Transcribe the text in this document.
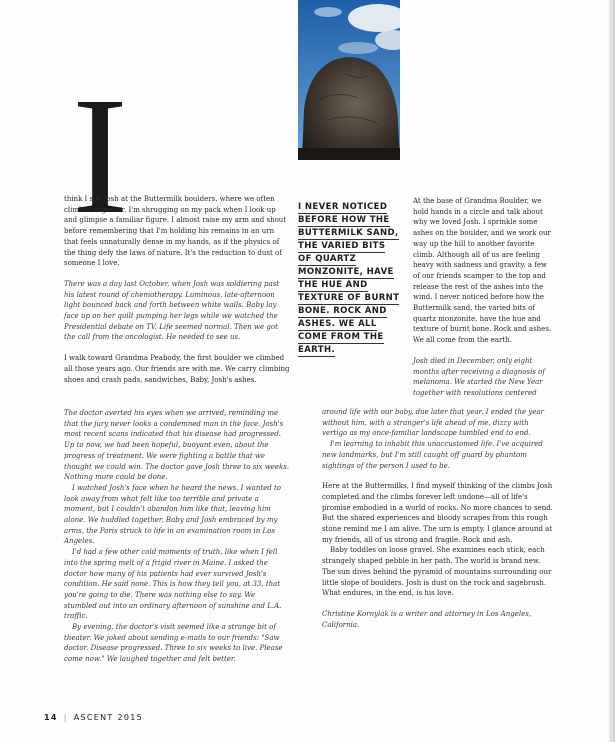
I

think I see Josh at the Buttermilk boulders, where we often climbed together. I'm shrugging on my pack when I look up and glimpse a familiar figure. I almost raise my arm and shout before remembering that I'm holding his remains in an urn that feels unnaturally dense in my hands, as if the physics of the thing defy the laws of nature. It's the reduction to dust of someone I love.

There was a day last October, when Josh was soldiering past his latest round of chemotherapy. Luminous, late-afternoon light bounced back and forth between white walls. Baby lay face up on her quilt pumping her legs while we watched the Presidential debate on TV. Life seemed normal. Then we got the call from the oncologist. He needed to see us.

I walk toward Grandma Peabody, the first boulder we climbed all those years ago. Our friends are with me. We carry climbing shoes and crash pads, sandwiches, Baby, Josh's ashes.

I NEVER NOTICED BEFORE HOW THE BUTTERMILK SAND, THE VARIED BITS OF QUARTZ MONZONITE, HAVE THE HUE AND TEXTURE OF BURNT BONE. ROCK AND ASHES. WE ALL COME FROM THE EARTH.

At the base of Grandma Boulder, we hold hands in a circle and talk about why we loved Josh. I sprinkle some ashes on the boulder, and we work our way up the hill to another favorite climb. Although all of us are feeling heavy with sadness and gravity, a few of our friends scamper to the top and release the rest of the ashes into the wind. I never noticed before how the Buttermilk sand, the varied bits of quartz monzonite, have the hue and texture of burnt bone. Rock and ashes. We all come from the earth.

Josh died in December, only eight months after receiving a diagnosis of melanoma. We started the New Year together with resolutions centered

The doctor averted his eyes when we arrived, reminding me that the jury never looks a condemned man in the face. Josh's most recent scans indicated that his disease had progressed. Up to now, we had been hopeful, buoyant even, about the progress of treatment. We were fighting a battle that we thought we could win. The doctor gave Josh three to six weeks. Nothing more could be done.

I watched Josh's face when he heard the news. I wanted to look away from what felt like too terrible and private a moment, but I couldn't abandon him like that, leaving him alone. We huddled together, Baby and Josh embraced by my arms, the Paris struck to life in an examination room in Los Angeles.

I'd had a few other cold moments of truth, like when I fell into the spring melt of a frigid river in Maine. I asked the doctor how many of his patients had ever survived Josh's condition. He said none. This is how they tell you, at 33, that you're going to die. There was nothing else to say. We stumbled out into an ordinary afternoon of sunshine and L.A. traffic.

By evening, the doctor's visit seemed like a strange bit of theater. We joked about sending e-mails to our friends: "Saw doctor. Disease progressed. Three to six weeks to live. Please come now." We laughed together and felt better.

around life with our baby, due later that year. I ended the year without him, with a stranger's life ahead of me, dizzy with vertigo as my once-familiar landscape tumbled end to end.

I'm learning to inhabit this unaccustomed life. I've acquired new landmarks, but I'm still caught off guard by phantom sightings of the person I used to be.

Here at the Buttermilks, I find myself thinking of the climbs Josh completed and the climbs forever left undone—all of life's promise embodied in a world of rocks. No more chances to send. But the shared experiences and bloody scrapes from this rough stone remind me I am alive. The urn is empty. I glance around at my friends, all of us strong and fragile. Rock and ash.

Baby toddles on loose gravel. She examines each stick, each strangely shaped pebble in her path. The world is brand new. The sun dives behind the pyramid of mountains surrounding our little slope of boulders. Josh is dust on the rock and sagebrush. What endures, in the end, is his love.

Christine Kornylak is a writer and attorney in Los Angeles, California.

14 | ASCENT 2015
